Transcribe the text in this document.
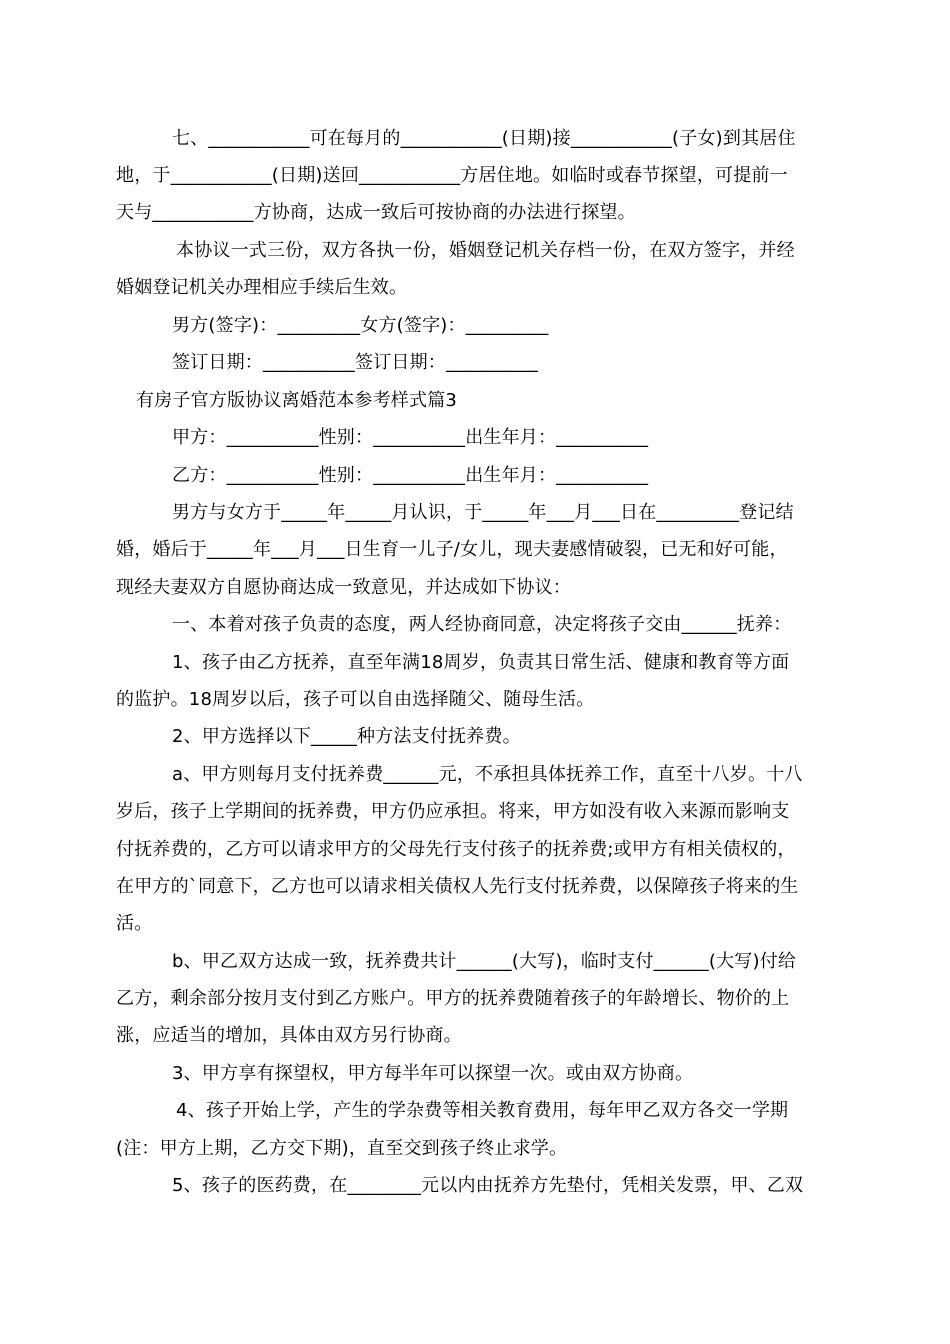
七、___________可在每月的___________(日期)接___________(子女)到其居住
地，于___________(日期)送回___________方居住地。如临时或春节探望，可提前一
天与___________方协商，达成一致后可按协商的办法进行探望。
本协议一式三份，双方各执一份，婚姻登记机关存档一份，在双方签字，并经
婚姻登记机关办理相应手续后生效。
男方(签字)：_________女方(签字)：_________
签订日期：__________签订日期：__________
有房子官方版协议离婚范本参考样式篇3
甲方：__________性别：__________出生年月：__________
乙方：__________性别：__________出生年月：__________
男方与女方于_____年_____月认识，于_____年___月___日在_________登记结
婚，婚后于_____年___月___日生育一儿子/女儿，现夫妻感情破裂，已无和好可能，
现经夫妻双方自愿协商达成一致意见，并达成如下协议：
一、本着对孩子负责的态度，两人经协商同意，决定将孩子交由______抚养：
1、孩子由乙方抚养，直至年满18周岁，负责其日常生活、健康和教育等方面
的监护。18周岁以后，孩子可以自由选择随父、随母生活。
2、甲方选择以下_____种方法支付抚养费。
a、甲方则每月支付抚养费______元，不承担具体抚养工作，直至十八岁。十八
岁后，孩子上学期间的抚养费，甲方仍应承担。将来，甲方如没有收入来源而影响支
付抚养费的，乙方可以请求甲方的父母先行支付孩子的抚养费;或甲方有相关债权的，
在甲方的`同意下，乙方也可以请求相关债权人先行支付抚养费，以保障孩子将来的生
活。
b、甲乙双方达成一致，抚养费共计______(大写)，临时支付______(大写)付给
乙方，剩余部分按月支付到乙方账户。甲方的抚养费随着孩子的年龄增长、物价的上
涨，应适当的增加，具体由双方另行协商。
3、甲方享有探望权，甲方每半年可以探望一次。或由双方协商。
4、孩子开始上学，产生的学杂费等相关教育费用，每年甲乙双方各交一学期
(注：甲方上期，乙方交下期)，直至交到孩子终止求学。
5、孩子的医药费，在________元以内由抚养方先垫付，凭相关发票，甲、乙双
